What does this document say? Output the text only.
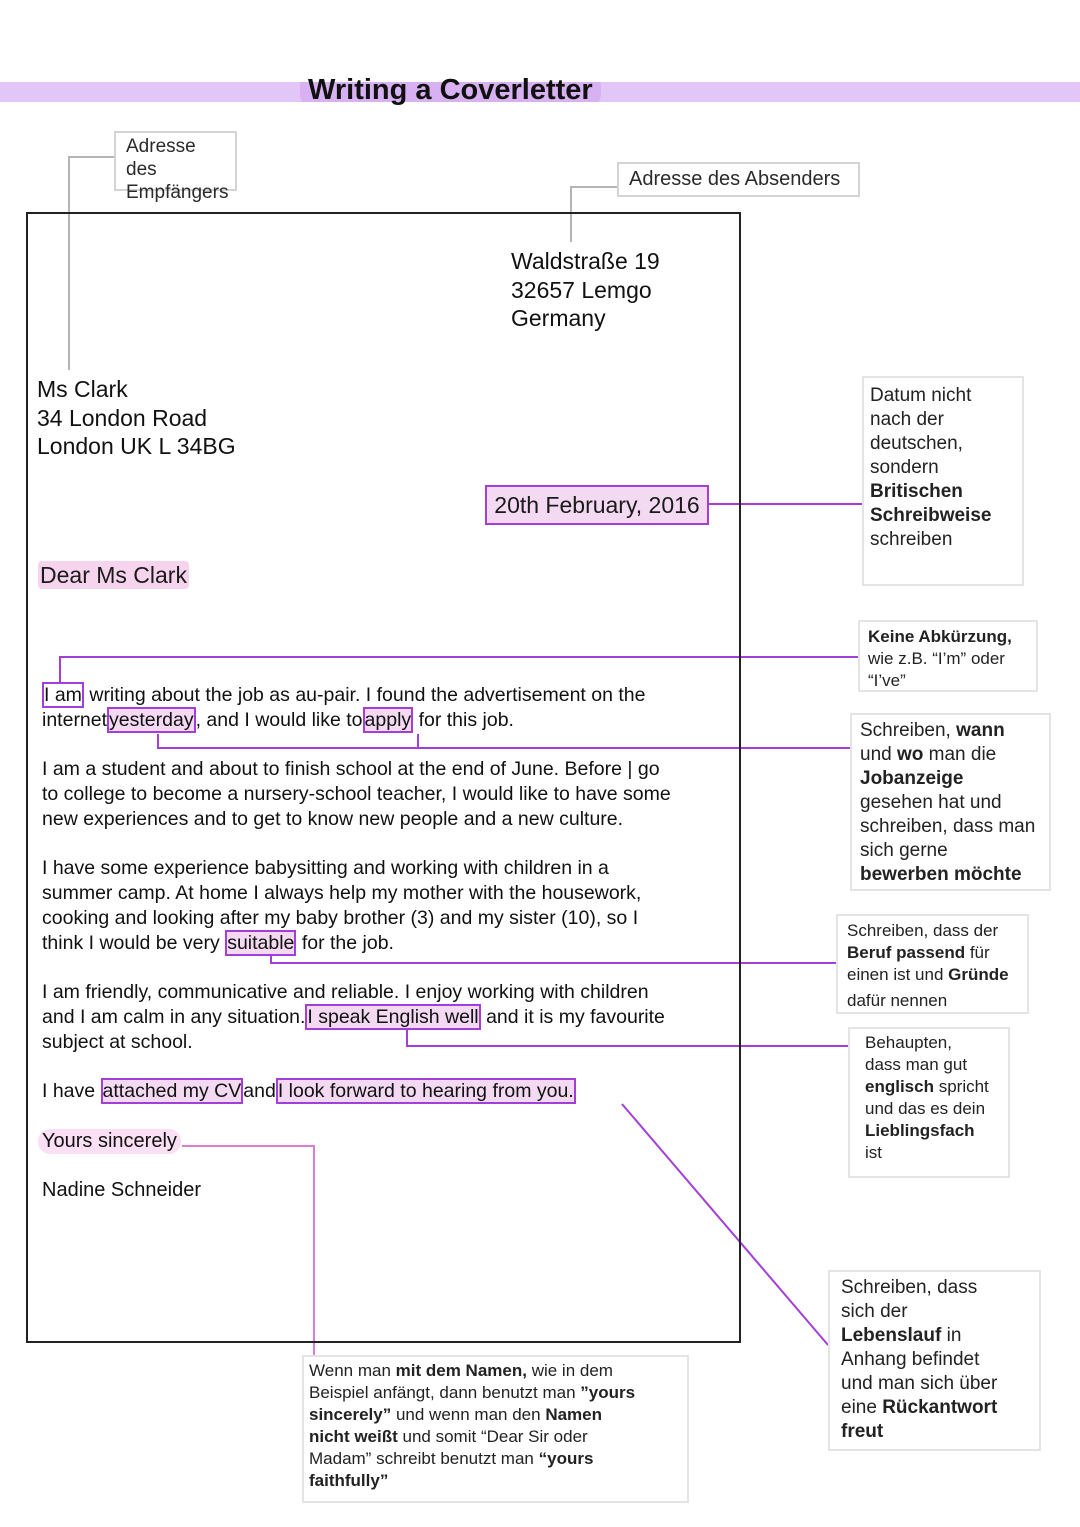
Writing a Coverletter
Adresse des
Empfängers
Adresse des Absenders
Waldstraße 19
32657 Lemgo
Germany
Ms Clark
34 London Road
London UK L 34BG
20th February, 2016
Dear Ms Clark
I am writing about the job as au-pair. I found the advertisement on the
internet yesterday , and I would like to apply for this job.
I am a student and about to finish school at the end of June. Before | go
to college to become a nursery-school teacher, I would like to have some
new experiences and to get to know new people and a new culture.
I have some experience babysitting and working with children in a
summer camp. At home I always help my mother with the housework,
cooking and looking after my baby brother (3) and my sister (10), so I
think I would be very suitable for the job.
I am friendly, communicative and reliable. I enjoy working with children
and I am calm in any situation. I speak English well and it is my favourite
subject at school.
I have attached my CV and I look forward to hearing from you.
Yours sincerely
Nadine Schneider
Datum nicht
nach der
deutschen,
sondern
Britischen
Schreibweise
schreiben
Keine Abkürzung,
wie z.B. “I’m” oder
“I’ve”
Schreiben, wann
und wo man die
Jobanzeige
gesehen hat und
schreiben, dass man
sich gerne
bewerben möchte
Schreiben, dass der
Beruf passend für
einen ist und Gründe
dafür nennen
Behaupten,
dass man gut
englisch spricht
und das es dein
Lieblingsfach
ist
Schreiben, dass
sich der
Lebenslauf in
Anhang befindet
und man sich über
eine Rückantwort
freut
Wenn man mit dem Namen, wie in dem
Beispiel anfängt, dann benutzt man ”yours
sincerely” und wenn man den Namen
nicht weißt und somit “Dear Sir oder
Madam” schreibt benutzt man “yours
faithfully”
